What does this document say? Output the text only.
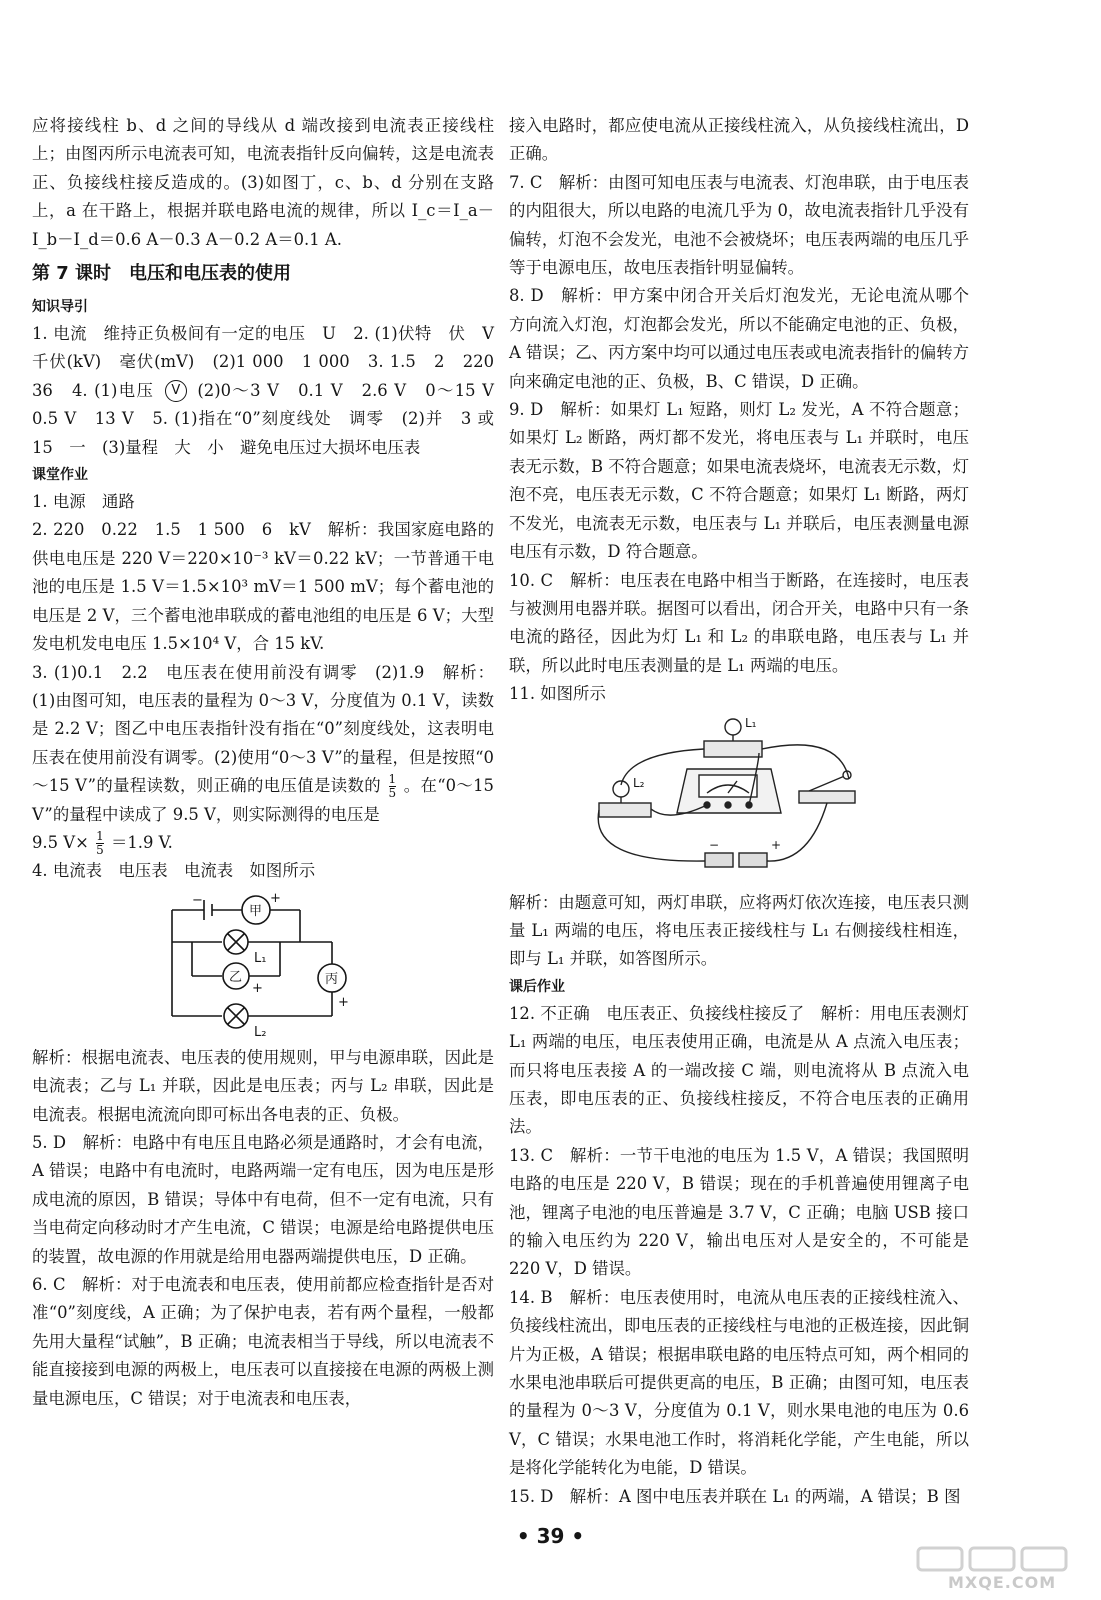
应将接线柱 b、d 之间的导线从 d 端改接到电流表正接线柱上；由图丙所示电流表可知，电流表指针反向偏转，这是电流表正、负接线柱接反造成的。(3)如图丁，c、b、d 分别在支路上，a 在干路上，根据并联电路电流的规律，所以 I_c＝I_a－I_b－I_d＝0.6 A－0.3 A－0.2 A＝0.1 A.

第 7 课时　电压和电压表的使用

知识导引

1. 电流　维持正负极间有一定的电压　U　2. (1)伏特　伏　V　千伏(kV)　毫伏(mV)　(2)1 000　1 000　3. 1.5　2　220　36　4. (1)电压 V (2)0～3 V　0.1 V　2.6 V　0～15 V　0.5 V　13 V　5. (1)指在“0”刻度线处　调零　(2)并　3 或 15　一　(3)量程　大　小　避免电压过大损坏电压表

课堂作业

1. 电源　通路

2. 220　0.22　1.5　1 500　6　kV　解析：我国家庭电路的供电电压是 220 V＝220×10⁻³ kV＝0.22 kV；一节普通干电池的电压是 1.5 V＝1.5×10³ mV＝1 500 mV；每个蓄电池的电压是 2 V，三个蓄电池串联成的蓄电池组的电压是 6 V；大型发电机发电电压 1.5×10⁴ V，合 15 kV.

3. (1)0.1　2.2　电压表在使用前没有调零　(2)1.9　解析：(1)由图可知，电压表的量程为 0～3 V，分度值为 0.1 V，读数是 2.2 V；图乙中电压表指针没有指在“0”刻度线处，这表明电压表在使用前没有调零。(2)使用“0～3 V”的量程，但是按照“0～15 V”的量程读数，则正确的电压值是读数的 $\frac{1}{5}$ 。在“0～15 V”的量程中读成了 9.5 V，则实际测得的电压是

9.5 $V\times \frac{1}{5} =1.9$ V.

4. 电流表　电压表　电流表　如图所示

甲
乙	丙
L₁
L₂
−	+
+
+

解析：根据电流表、电压表的使用规则，甲与电源串联，因此是电流表；乙与 L₁ 并联，因此是电压表；丙与 L₂ 串联，因此是电流表。根据电流流向即可标出各电表的正、负极。

5. D　解析：电路中有电压且电路必须是通路时，才会有电流，A 错误；电路中有电流时，电路两端一定有电压，因为电压是形成电流的原因，B 错误；导体中有电荷，但不一定有电流，只有当电荷定向移动时才产生电流，C 错误；电源是给电路提供电压的装置，故电源的作用就是给用电器两端提供电压，D 正确。

6. C　解析：对于电流表和电压表，使用前都应检查指针是否对准“0”刻度线，A 正确；为了保护电表，若有两个量程，一般都先用大量程“试触”，B 正确；电流表相当于导线，所以电流表不能直接接到电源的两极上，电压表可以直接接在电源的两极上测量电源电压，C 错误；对于电流表和电压表，

接入电路时，都应使电流从正接线柱流入，从负接线柱流出，D 正确。

7. C　解析：由图可知电压表与电流表、灯泡串联，由于电压表的内阻很大，所以电路的电流几乎为 0，故电流表指针几乎没有偏转，灯泡不会发光，电池不会被烧坏；电压表两端的电压几乎等于电源电压，故电压表指针明显偏转。

8. D　解析：甲方案中闭合开关后灯泡发光，无论电流从哪个方向流入灯泡，灯泡都会发光，所以不能确定电池的正、负极，A 错误；乙、丙方案中均可以通过电压表或电流表指针的偏转方向来确定电池的正、负极，B、C 错误，D 正确。

9. D　解析：如果灯 L₁ 短路，则灯 L₂ 发光，A 不符合题意；如果灯 L₂ 断路，两灯都不发光，将电压表与 L₁ 并联时，电压表无示数，B 不符合题意；如果电流表烧坏，电流表无示数，灯泡不亮，电压表无示数，C 不符合题意；如果灯 L₁ 断路，两灯不发光，电流表无示数，电压表与 L₁ 并联后，电压表测量电源电压有示数，D 符合题意。

10. C　解析：电压表在电路中相当于断路，在连接时，电压表与被测用电器并联。据图可以看出，闭合开关，电路中只有一条电流的路径，因此为灯 L₁ 和 L₂ 的串联电路，电压表与 L₁ 并联，所以此时电压表测量的是 L₁ 两端的电压。

11. 如图所示

L₁
L₂
−	+

解析：由题意可知，两灯串联，应将两灯依次连接，电压表只测量 L₁ 两端的电压，将电压表正接线柱与 L₁ 右侧接线柱相连，即与 L₁ 并联，如答图所示。

课后作业

12. 不正确　电压表正、负接线柱接反了　解析：用电压表测灯 L₁ 两端的电压，电压表使用正确，电流是从 A 点流入电压表；而只将电压表接 A 的一端改接 C 端，则电流将从 B 点流入电压表，即电压表的正、负接线柱接反，不符合电压表的正确用法。

13. C　解析：一节干电池的电压为 1.5 V，A 错误；我国照明电路的电压是 220 V，B 错误；现在的手机普遍使用锂离子电池，锂离子电池的电压普遍是 3.7 V，C 正确；电脑 USB 接口的输入电压约为 220 V，输出电压对人是安全的，不可能是 220 V，D 错误。

14. B　解析：电压表使用时，电流从电压表的正接线柱流入、负接线柱流出，即电压表的正接线柱与电池的正极连接，因此铜片为正极，A 错误；根据串联电路的电压特点可知，两个相同的水果电池串联后可提供更高的电压，B 正确；由图可知，电压表的量程为 0～3 V，分度值为 0.1 V，则水果电池的电压为 0.6 V，C 错误；水果电池工作时，将消耗化学能，产生电能，所以是将化学能转化为电能，D 错误。

15. D　解析：A 图中电压表并联在 L₁ 的两端，A 错误；B 图

• 39 •
MXQE.COM
